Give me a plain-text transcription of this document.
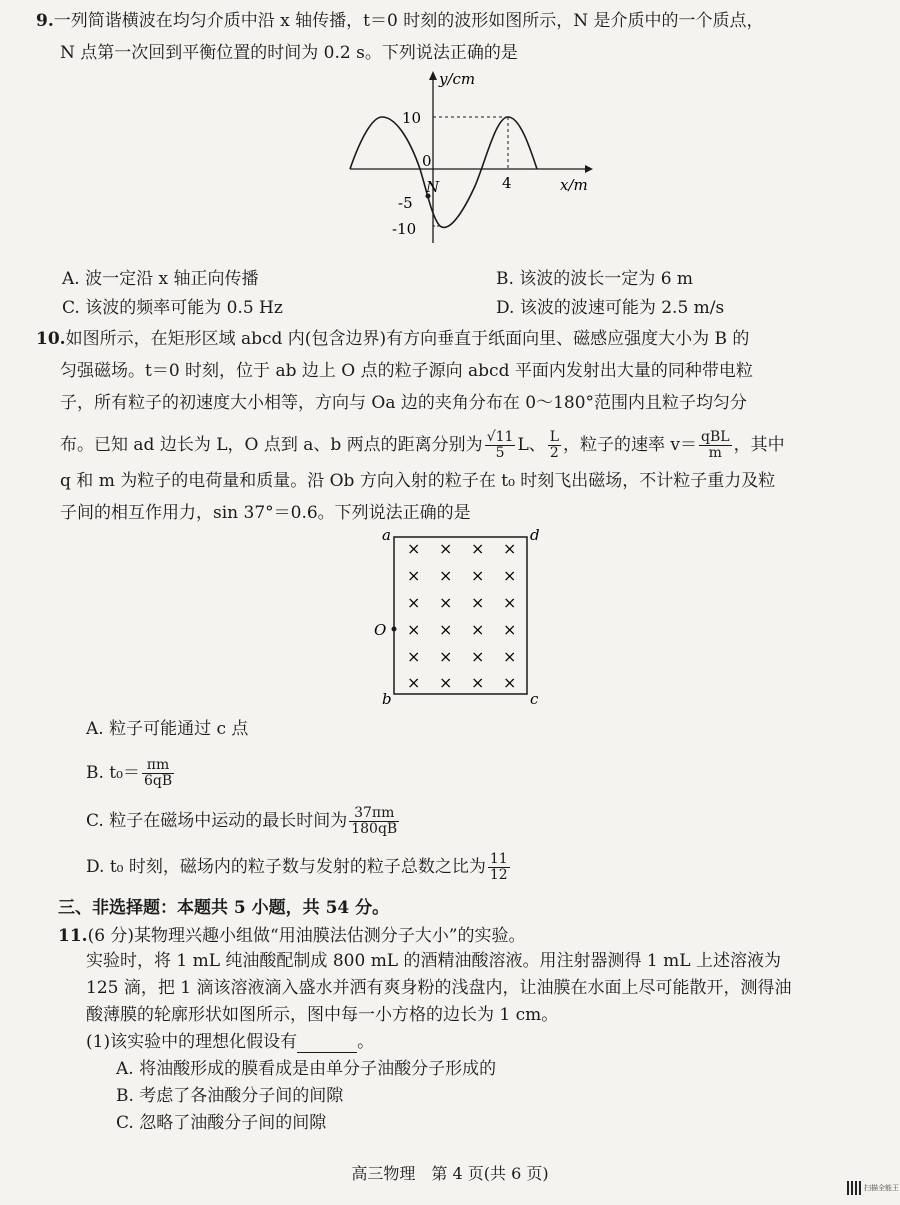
9.一列简谐横波在均匀介质中沿 x 轴传播，t＝0 时刻的波形如图所示，N 是介质中的一个质点，
N 点第一次回到平衡位置的时间为 0.2 s。下列说法正确的是
y/cm
x/m
10
0
-5
-10
4
N
A. 波一定沿 x 轴正向传播	B. 该波的波长一定为 6 m
C. 该波的频率可能为 0.5 Hz	D. 该波的波速可能为 2.5 m/s
10.如图所示，在矩形区域 abcd 内(包含边界)有方向垂直于纸面向里、磁感应强度大小为 B 的
匀强磁场。t＝0 时刻，位于 ab 边上 O 点的粒子源向 abcd 平面内发射出大量的同种带电粒
子，所有粒子的初速度大小相等，方向与 Oa 边的夹角分布在 0～180°范围内且粒子均匀分
布。已知 ad 边长为 L，O 点到 a、b 两点的距离分别为 $\frac{√11}{5}$ L、 $\frac{L}{2}$ ，粒子的速率 $v= \frac{\text{qBL}}{m}$ ，其中
q 和 m 为粒子的电荷量和质量。沿 Ob 方向入射的粒子在 t₀ 时刻飞出磁场，不计粒子重力及粒
子间的相互作用力，sin 37°＝0.6。下列说法正确的是
a	d
b	c
O
× × × ×
× × × ×
× × × ×
× × × ×
× × × ×
× × × ×
A. 粒子可能通过 c 点
B. $t_0= \frac{\pi m}{6qB}$
C. 粒子在磁场中运动的最长时间为 $\frac{37\pi m}{180qB}$
D. t₀ 时刻，磁场内的粒子数与发射的粒子总数之比为 $\frac{11}{12}$
三、非选择题：本题共 5 小题，共 54 分。
11.(6 分)某物理兴趣小组做“用油膜法估测分子大小”的实验。
实验时，将 1 mL 纯油酸配制成 800 mL 的酒精油酸溶液。用注射器测得 1 mL 上述溶液为
125 滴，把 1 滴该溶液滴入盛水并洒有爽身粉的浅盘内，让油膜在水面上尽可能散开，测得油
酸薄膜的轮廓形状如图所示，图中每一小方格的边长为 1 cm。
(1)该实验中的理想化假设有	。
A. 将油酸形成的膜看成是由单分子油酸分子形成的
B. 考虑了各油酸分子间的间隙
C. 忽略了油酸分子间的间隙
高三物理　第 4 页(共 6 页)
扫描全能王
